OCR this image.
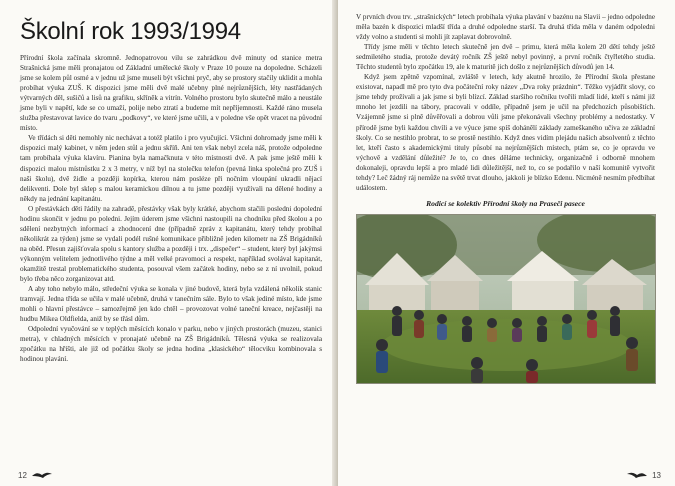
Školní rok 1993/1994

Přírodní škola začínala skromně. Jednopatrovou vilu se zahrádkou dvě minuty od stanice metra Strašnická jsme měli pronajatou od Základní umělecké školy v Praze 10 pouze na dopoledne. Scházeli jsme se kolem půl osmé a v jednu už jsme museli být všichni pryč, aby se prostory stačily uklidit a mohla probíhat výuka ZUŠ. K dispozici jsme měli dvě malé učebny plné nejrůznějších, léty nastřádaných výtvarných děl, sušičů a lisů na grafiku, skříněk a vitrín. Volného prostoru bylo skutečně málo a neustále jsme byli v napětí, kde se co umaží, polije nebo ztratí a budeme mít nepříjemnosti. Každé ráno musela služba přestavovat lavice do tvaru „podkovy“, ve které jsme učili, a v poledne vše opět vracet na původní místo.

Ve třídách si děti nemohly nic nechávat a totéž platilo i pro vyučující. Všichni dohromady jsme měli k dispozici malý kabinet, v něm jeden stůl a jednu skříň. Ani ten však nebyl zcela náš, protože odpoledne tam probíhala výuka klavíru. Pianina byla namačknuta v této místnosti dvě. A pak jsme ještě měli k dispozici malou místnůstku 2 x 3 metry, v níž byl na stolečku telefon (pevná linka společná pro ZUŠ i naši školu), dvě židle a později kopírka, kterou nám posléze při nočním vloupání ukradli nějací delikventi. Dole byl sklep s malou keramickou dílnou a tu jsme později využívali na dělené hodiny a někdy na jednání kapitanátu.

O přestávkách děti řádily na zahradě, přestávky však byly krátké, abychom stačili posledni dopolední hodinu skončit v jednu po poledni. Jejím úderem jsme všichni nastoupili na chodníku před školou a po sdělení nezbytných informací a zhodnocení dne (případně zpráv z kapitanátu, který tehdy probíhal několikrát za týden) jsme se vydali podél rušné komunikace přibližně jeden kilometr na ZŠ Brigádníků na oběd. Přesun zajišťovala spolu s kantory služba a později i trx. „dispečer“ – student, který byl jakýmsi výkonným velitelem jednotlivého týdne a měl velké pravomoci a respekt, například svolával kapitanát, okamžitě trestal problematického studenta, posouval všem začátek hodiny, nebo se z ní uvolnil, pokud bylo třeba něco zorganizovat atd.

A aby toho nebylo málo, středeční výuka se konala v jiné budově, která byla vzdálená několik stanic tramvají. Jedna třída se učila v malé učebně, druhá v tanečním sále. Bylo to však jediné místo, kde jsme mohli o hlavní přestávce – samozřejmě jen kdo chtěl – provozovat volné taneční kreace, nejčastěji na hudbu Mikea Oldfielda, aniž by se třásl dům.

Odpolední vyučování se v teplých měsících konalo v parku, nebo v jiných prostorách (muzeu, stanici metra), v chladných měsících v pronajaté učebně na ZŠ Brigádníků. Tělesná výuka se realizovala zpočátku na hřišti, ale již od počátku školy se jedna hodina „klasického“ tělocviku kombinovala s hodinou plavání.

12

V prvních dvou trv. „strašnických“ letech probíhala výuka plavání v bazénu na Slavii – jedno odpoledne měla bazén k dispozici mladší třída a druhé odpoledne starší. Ta druhá třída měla v daném odpoledni vždy volno a studenti si mohli jít zaplavat dobrovolně.

Třídy jsme měli v těchto letech skutečně jen dvě – primu, která měla kolem 20 dětí tehdy ještě sedmiletého studia, protože devátý ročník ZŠ ještě nebyl povinný, a první ročník čtyřletého studia. Těchto studentů bylo zpočátku 19, ale k maturitě jich došlo z nejrůznějších důvodů jen 14.

Když jsem zpětně vzpomínal, zvláště v letech, kdy akutně hrozilo, že Přírodní škola přestane existovat, napadl mě pro tyto dva počáteční roky název „Dva roky prázdnin“. Těžko vyjádřit slovy, co jsme tehdy prožívali a jak jsme si byli blízcí. Základ staršího ročníku tvořili mladí lidé, kteří s námi již mnoho let jezdili na tábory, pracovali v oddíle, případně jsem je učil na předchozích působištích. Vzájemně jsme si plně důvěřovali a dobrou vůli jsme překonávali všechny problémy a nedostatky. V přírodě jsme byli každou chvíli a ve výuce jsme spíš dohánělí základy zameškaného učiva ze základní školy. Co se nestihlo probrat, to se prostě nestihlo. Když dnes vidím plejádu našich absolventů z těchto let, kteří často s akademickými tituly působí na nejrůznějších místech, ptám se, co je opravdu ve výchově a vzdělání důležité? Je to, co dnes děláme technicky, organizačně i odborně mnohem dokonaleji, opravdu lepší a pro mladé lidi důležitější, než to, co se podařilo v naší komunitě vytvořit tehdy? Leč žádný ráj nemůže na světě trvat dlouho, jakkoli je blízko Edenu. Nicméně nesmím předbíhat událostem.

Rodicí se kolektiv Přírodní školy na Praseči pasece
13
